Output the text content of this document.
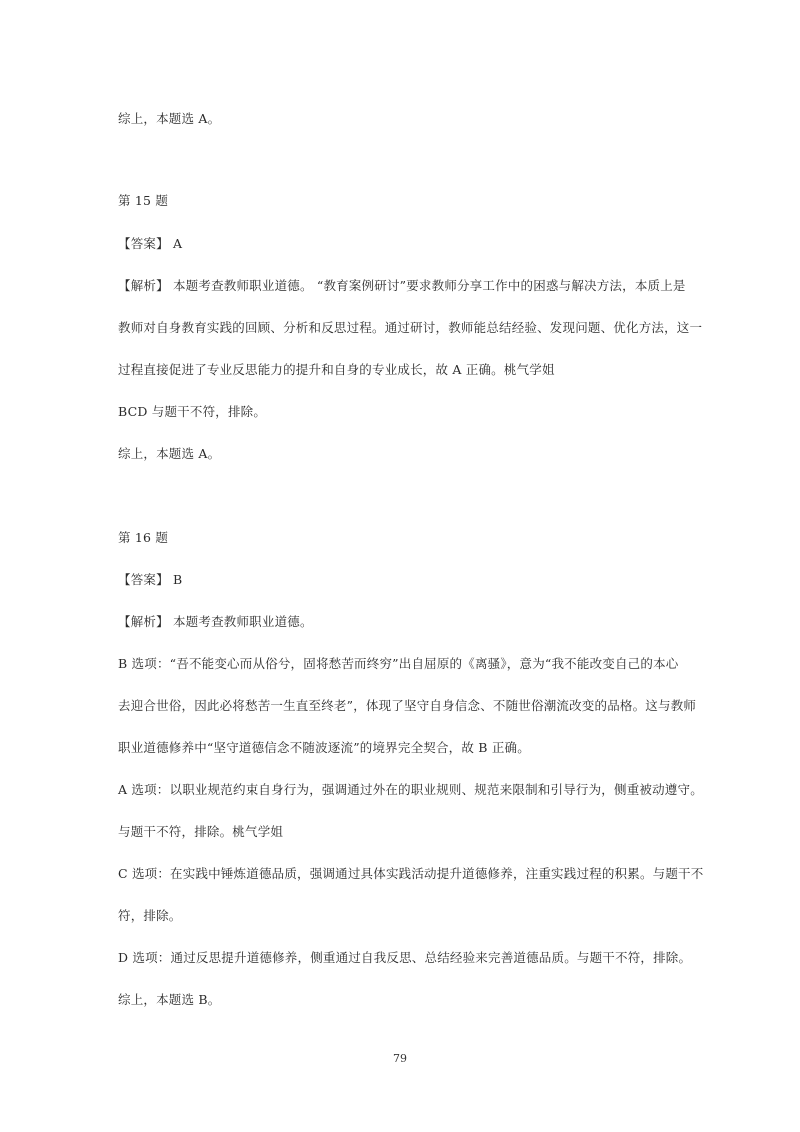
综上，本题选 A。
第 15 题
【答案】 A
【解析】 本题考查教师职业道德。 “教育案例研讨”要求教师分享工作中的困惑与解决方法，本质上是
教师对自身教育实践的回顾、分析和反思过程。通过研讨，教师能总结经验、发现问题、优化方法，这一
过程直接促进了专业反思能力的提升和自身的专业成长，故 A 正确。桃气学姐
BCD 与题干不符，排除。
综上，本题选 A。
第 16 题
【答案】 B
【解析】 本题考查教师职业道德。
B 选项：“吾不能变心而从俗兮，固将愁苦而终穷”出自屈原的《离骚》，意为“我不能改变自己的本心
去迎合世俗，因此必将愁苦一生直至终老”，体现了坚守自身信念、不随世俗潮流改变的品格。这与教师
职业道德修养中“坚守道德信念不随波逐流”的境界完全契合，故 B 正确。
A 选项：以职业规范约束自身行为，强调通过外在的职业规则、规范来限制和引导行为，侧重被动遵守。
与题干不符，排除。桃气学姐
C 选项：在实践中锤炼道德品质，强调通过具体实践活动提升道德修养，注重实践过程的积累。与题干不
符，排除。
D 选项：通过反思提升道德修养，侧重通过自我反思、总结经验来完善道德品质。与题干不符，排除。
综上，本题选 B。
79
